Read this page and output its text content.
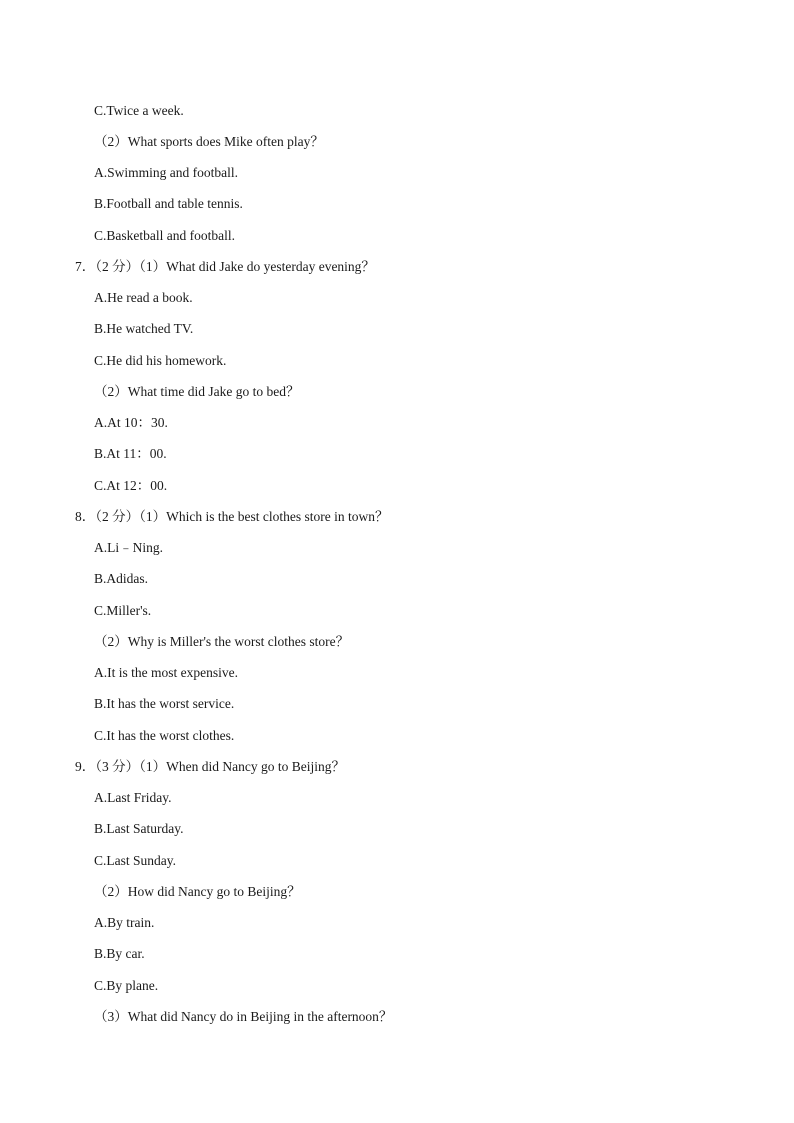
C.Twice a week.
（2）What sports does Mike often play？
A.Swimming and football.
B.Football and table tennis.
C.Basketball and football.
7．（2 分）（1）What did Jake do yesterday evening？
A.He read a book.
B.He watched TV.
C.He did his homework.
（2）What time did Jake go to bed？
A.At 10：30.
B.At 11：00.
C.At 12：00.
8．（2 分）（1）Which is the best clothes store in town？
A.Li﹣Ning.
B.Adidas.
C.Miller's.
（2）Why is Miller's the worst clothes store？
A.It is the most expensive.
B.It has the worst service.
C.It has the worst clothes.
9．（3 分）（1）When did Nancy go to Beijing？
A.Last Friday.
B.Last Saturday.
C.Last Sunday.
（2）How did Nancy go to Beijing？
A.By train.
B.By car.
C.By plane.
（3）What did Nancy do in Beijing in the afternoon？
